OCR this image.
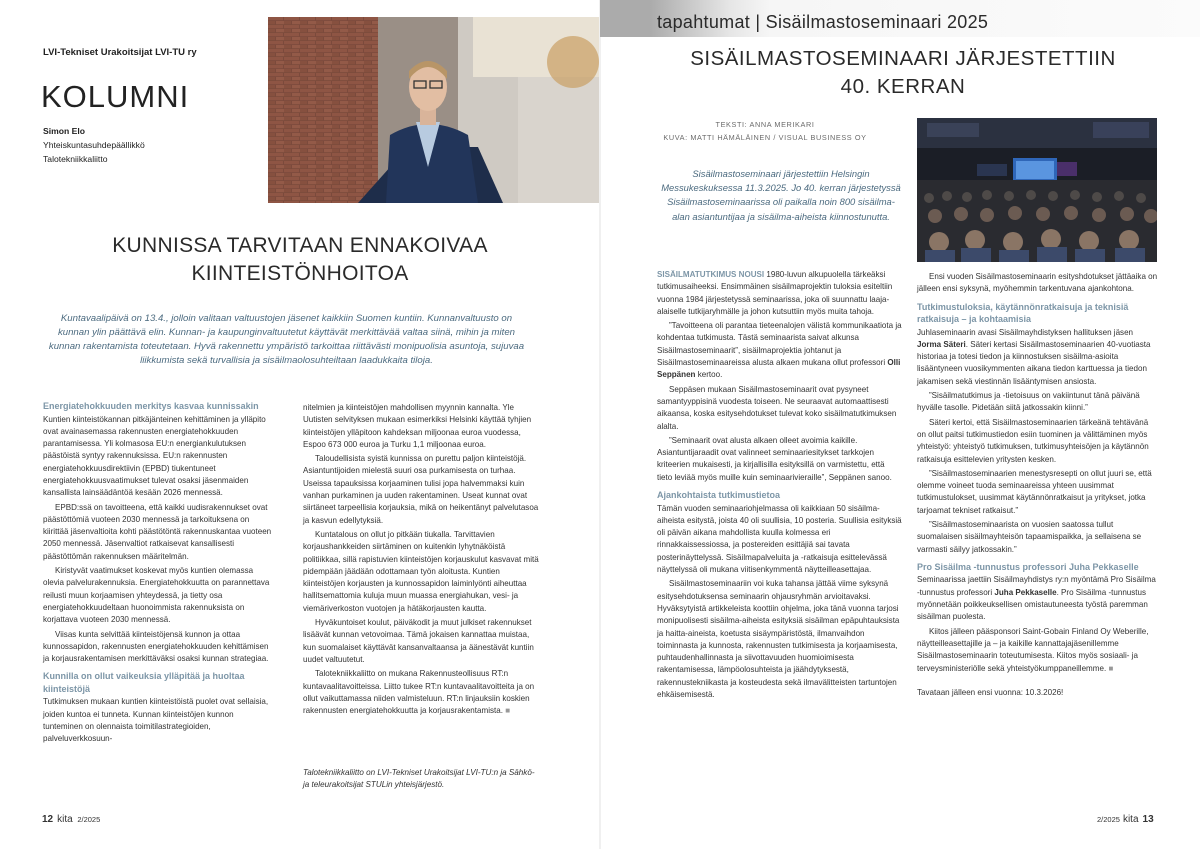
LVI-Tekniset Urakoitsijat LVI-TU ry
KOLUMNI
Simon Elo
Yhteiskuntasuhdepäällikkö
Talotekniikkaliitto
KUNNISSA TARVITAAN ENNAKOIVAA
KIINTEISTÖNHOITOA

Kuntavaalipäivä on 13.4., jolloin valitaan valtuustojen jäsenet kaikkiin Suomen kuntiin. Kunnanvaltuusto on kunnan ylin päättävä elin. Kunnan- ja kaupunginvaltuutetut käyttävät merkittävää valtaa siinä, mihin ja miten kunnan rakentamista toteutetaan. Hyvä rakennettu ympäristö tarkoittaa riittävästi monipuolisia asuntoja, sujuvaa liikkumista sekä turvallisia ja sisäilmaolosuhteiltaan laadukkaita tiloja.

Energiatehokkuuden merkitys kasvaa kunnissakin

Kuntien kiinteistökannan pitkäjänteinen kehittäminen ja ylläpito ovat avainasemassa rakennusten energiatehokkuuden parantamisessa. Yli kolmasosa EU:n energiankulutuksen päästöistä syntyy rakennuksissa. EU:n rakennusten energiatehokkuusdirektiivin (EPBD) tiukentuneet energiatehokkuusvaatimukset tulevat osaksi jäsenmaiden kansallista lainsäädäntöä kesään 2026 mennessä.

EPBD:ssä on tavoitteena, että kaikki uudisrakennukset ovat päästöttömiä vuoteen 2030 mennessä ja tarkoituksena on kiirittää jäsenvaltioita kohti päästötöntä rakennuskantaa vuoteen 2050 mennessä. Jäsenvaltiot ratkaisevat kansallisesti päästöttömän rakennuksen määritelmän.

Kiristyvät vaatimukset koskevat myös kuntien olemassa olevia palvelurakennuksia. Energiatehokkuutta on parannettava reilusti muun korjaamisen yhteydessä, ja tietty osa energiatehokkuudeltaan huonoimmista rakennuksista on korjattava vuoteen 2030 mennessä.

Viisas kunta selvittää kiinteistöjensä kunnon ja ottaa kunnossapidon, rakennusten energiatehokkuuden kehittämisen ja korjausrakentamisen merkittäväksi osaksi kunnan strategiaa.

Kunnilla on ollut vaikeuksia ylläpitää ja huoltaa kiinteistöjä

Tutkimuksen mukaan kuntien kiinteistöistä puolet ovat sellaisia, joiden kuntoa ei tunneta. Kunnan kiinteistöjen kunnon tunteminen on olennaista toimitilastrategioiden, palveluverkkosuun-

nitelmien ja kiinteistöjen mahdollisen myynnin kannalta. Yle Uutisten selvityksen mukaan esimerkiksi Helsinki käyttää tyhjien kiinteistöjen ylläpitoon kahdeksan miljoonaa euroa vuodessa, Espoo 673 000 euroa ja Turku 1,1 miljoonaa euroa.

Taloudellisista syistä kunnissa on purettu paljon kiinteistöjä. Asiantuntijoiden mielestä suuri osa purkamisesta on turhaa. Useissa tapauksissa korjaaminen tulisi jopa halvemmaksi kuin vanhan purkaminen ja uuden rakentaminen. Useat kunnat ovat siirtäneet tarpeellisia korjauksia, mikä on heikentänyt palvelutasoa ja kasvun edellytyksiä.

Kuntatalous on ollut jo pitkään tiukalla. Tarvittavien korjaushankkeiden siirtäminen on kuitenkin lyhytnäköistä politiikkaa, sillä rapistuvien kiinteistöjen korjauskulut kasvavat mitä pidempään jäädään odottamaan työn aloitusta. Kuntien kiinteistöjen korjausten ja kunnossapidon laiminlyönti aiheuttaa hallitsemattomia kuluja muun muassa energiahukan, vesi- ja viemäriverkoston vuotojen ja hätäkorjausten kautta.

Hyväkuntoiset koulut, päiväkodit ja muut julkiset rakennukset lisäävät kunnan vetovoimaa. Tämä jokaisen kannattaa muistaa, kun suomalaiset käyttävät kansanvaltaansa ja äänestävät kuntiin uudet valtuutetut.

Talotekniikkaliitto on mukana Rakennusteollisuus RT:n kuntavaalitavoitteissa. Liitto tukee RT:n kuntavaalitavoitteita ja on ollut vaikuttamassa niiden valmisteluun. RT:n linjauksiin koskien rakennusten energiatehokkuutta ja korjausrakentamista. ■

Talotekniikkaliitto on LVI-Tekniset Urakoitsijat LVI-TU:n ja Sähkö- ja teleurakoitsijat STULin yhteisjärjestö.

12 kita 2/2025
tapahtumat | Sisäilmastoseminaari 2025
SISÄILMASTOSEMINAARI JÄRJESTETTIIN
40. KERRAN
TEKSTI: ANNA MERIKARI
KUVA: MATTI HÄMÄLÄINEN / VISUAL BUSINESS OY

Sisäilmastoseminaari järjestettiin Helsingin Messukeskuksessa 11.3.2025. Jo 40. kerran järjestetyssä Sisäilmastoseminaarissa oli paikalla noin 800 sisäilma-alan asiantuntijaa ja sisäilma-aiheista kiinnostunutta.

SISÄILMATUTKIMUS NOUSI 1980-luvun alkupuolella tärkeäksi tutkimusaiheeksi. Ensimmäinen sisäilmaprojektin tuloksia esiteltiin vuonna 1984 järjestetyssä seminaarissa, joka oli suunnattu laaja-alaiselle tutkijaryhmälle ja johon kutsuttiin myös muita tahoja.

”Tavoitteena oli parantaa tieteenalojen välistä kommunikaatiota ja kohdentaa tutkimusta. Tästä seminaarista saivat alkunsa Sisäilmastoseminaarit”, sisäilmaprojektia johtanut ja Sisäilmastoseminaareissa alusta alkaen mukana ollut professori Olli Seppänen kertoo.

Seppäsen mukaan Sisäilmastoseminaarit ovat pysyneet samantyyppisinä vuodesta toiseen. Ne seuraavat automaattisesti aikaansa, koska esitysehdotukset tulevat koko sisäilmatutkimuksen alalta.

”Seminaarit ovat alusta alkaen olleet avoimia kaikille. Asiantuntijaraadit ovat valinneet seminaariesitykset tarkkojen kriteerien mukaisesti, ja kirjallisilla esityksillä on varmistettu, että tieto leviää myös muille kuin seminaarivieraille”, Seppänen sanoo.

Ajankohtaista tutkimustietoa

Tämän vuoden seminaariohjelmassa oli kaikkiaan 50 sisäilma-aiheista esitystä, joista 40 oli suullisia, 10 posteria. Suullisia esityksiä oli päivän aikana mahdollista kuulla kolmessa eri rinnakkaissessiossa, ja postereiden esittäjiä sai tavata posterinäyttelyssä. Sisäilmapalveluita ja -ratkaisuja esittelevässä näyttelyssä oli mukana viitisenkymmentä näytteilleasettajaa.

Sisäilmastoseminaariin voi kuka tahansa jättää viime syksynä esitysehdotuksensa seminaarin ohjausryhmän arvioitavaksi. Hyväksytyistä artikkeleista koottiin ohjelma, joka tänä vuonna tarjosi monipuolisesti sisäilma-aiheista esityksiä sisäilman epäpuhtauksista ja haitta-aineista, koetusta sisäympäristöstä, ilmanvaihdon toiminnasta ja kunnosta, rakennusten tutkimisesta ja korjaamisesta, puhtaudenhallinnasta ja siivottavuuden huomioimisesta rakentamisessa, lämpöolosuhteista ja jäähdytyksestä, rakennustekniikasta ja kosteudesta sekä ilmavälitteisten tartuntojen ehkäisemisestä.

Ensi vuoden Sisäilmastoseminaarin esityshdotukset jättäaika on jälleen ensi syksynä, myöhemmin tarkentuvana ajankohtona.

Tutkimustuloksia, käytännönratkaisuja ja teknisiä ratkaisuja – ja kohtaamisia

Juhlaseminaarin avasi Sisäilmayhdistyksen hallituksen jäsen Jorma Säteri. Säteri kertasi Sisäilmastoseminaarien 40-vuotiasta historiaa ja totesi tiedon ja kiinnostuksen sisäilma-asioita lisääntyneen vuosikymmenten aikana tiedon karttuessa ja tiedon jakamisen sekä viestinnän lisääntymisen ansiosta.

”Sisäilmatutkimus ja -tietoisuus on vakiintunut tänä päivänä hyvälle tasolle. Pidetään siitä jatkossakin kiinni.”

Säteri kertoi, että Sisäilmastoseminaarien tärkeänä tehtävänä on ollut paitsi tutkimustiedon esiin tuominen ja välittäminen myös yhteistyö: yhteistyö tutkimuksen, tutkimusyhteisöjen ja käytännön ratkaisuja esittelevien yritysten kesken.

”Sisäilmastoseminaarien menestysresepti on ollut juuri se, että olemme voineet tuoda seminaareissa yhteen uusimmat tutkimustulokset, uusimmat käytännönratkaisut ja yritykset, jotka tarjoamat tekniset ratkaisut.”

”Sisäilmastoseminaarista on vuosien saatossa tullut suomalaisen sisäilmayhteisön tapaamispaikka, ja sellaisena se varmasti säilyy jatkossakin.”

Pro Sisäilma -tunnustus professori Juha Pekkaselle

Seminaarissa jaettiin Sisäilmayhdistys ry:n myöntämä Pro Sisäilma -tunnustus professori Juha Pekkaselle. Pro Sisäilma -tunnustus myönnetään poikkeuksellisen omistautuneesta työstä paremman sisäilman puolesta.

Kiitos jälleen pääsponsori Saint-Gobain Finland Oy Weberille, näytteilleasettajille ja – ja kaikille kannattajajäsenillemme Sisäilmastoseminaarin toteutumisesta. Kiitos myös sosiaali- ja terveysministeriölle sekä yhteistyökumppaneillemme. ■

Tavataan jälleen ensi vuonna: 10.3.2026!

2/2025 kita 13
